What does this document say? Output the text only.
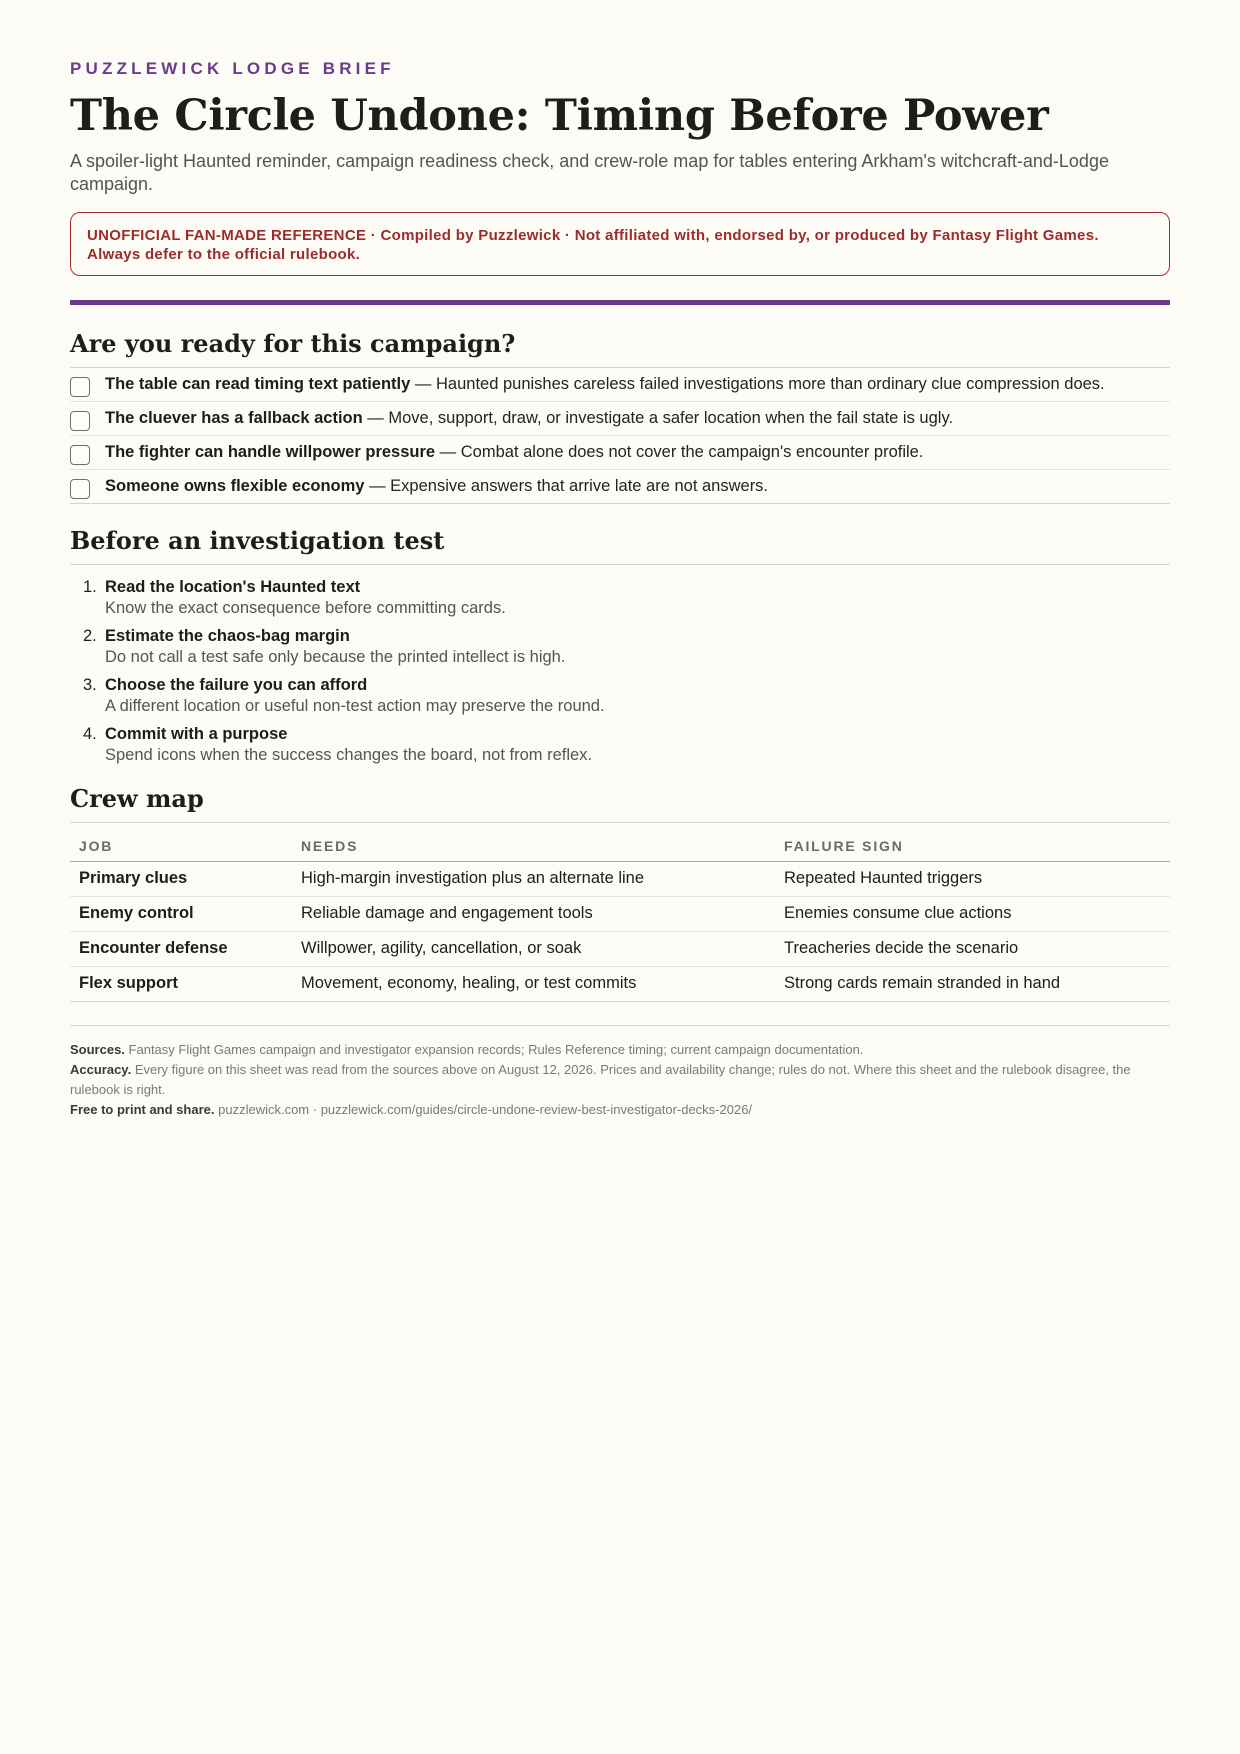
PUZZLEWICK LODGE BRIEF
The Circle Undone: Timing Before Power

A spoiler-light Haunted reminder, campaign readiness check, and crew-role map for tables entering Arkham's witchcraft-and-Lodge campaign.

UNOFFICIAL FAN-MADE REFERENCE · Compiled by Puzzlewick · Not affiliated with, endorsed by, or produced by Fantasy Flight Games. Always defer to the official rulebook.
Are you ready for this campaign?
The table can read timing text patiently — Haunted punishes careless failed investigations more than ordinary clue compression does.
The cluever has a fallback action — Move, support, draw, or investigate a safer location when the fail state is ugly.
The fighter can handle willpower pressure — Combat alone does not cover the campaign's encounter profile.
Someone owns flexible economy — Expensive answers that arrive late are not answers.
Before an investigation test
1. Read the location's Haunted text
Know the exact consequence before committing cards.
2. Estimate the chaos-bag margin
Do not call a test safe only because the printed intellect is high.
3. Choose the failure you can afford
A different location or useful non-test action may preserve the round.
4. Commit with a purpose
Spend icons when the success changes the board, not from reflex.
Crew map
JOB	NEEDS	FAILURE SIGN
Primary clues	High-margin investigation plus an alternate line	Repeated Haunted triggers
Enemy control	Reliable damage and engagement tools	Enemies consume clue actions
Encounter defense	Willpower, agility, cancellation, or soak	Treacheries decide the scenario
Flex support	Movement, economy, healing, or test commits	Strong cards remain stranded in hand
Sources. Fantasy Flight Games campaign and investigator expansion records; Rules Reference timing; current campaign documentation.
Accuracy. Every figure on this sheet was read from the sources above on August 12, 2026. Prices and availability change; rules do not. Where this sheet and the rulebook disagree, the rulebook is right.
Free to print and share. puzzlewick.com · puzzlewick.com/guides/circle-undone-review-best-investigator-decks-2026/
